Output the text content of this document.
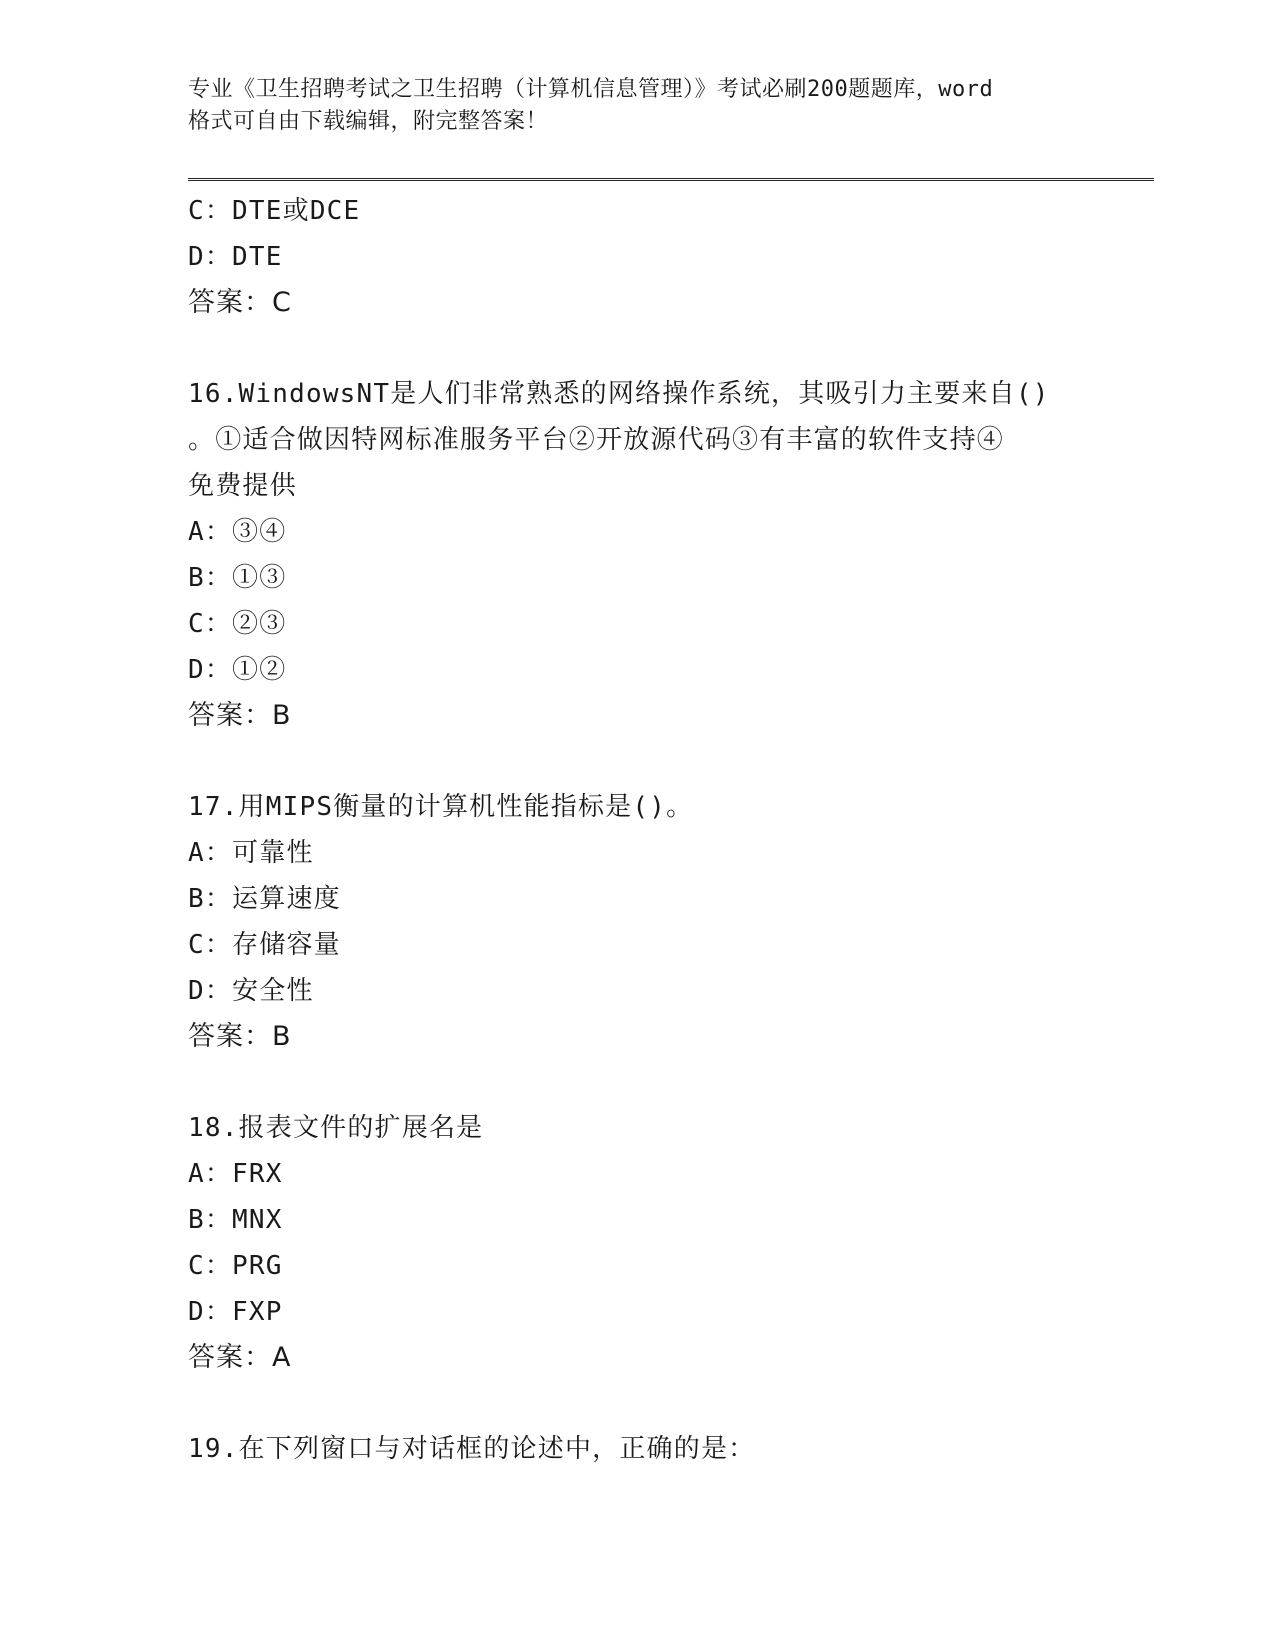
专业《卫生招聘考试之卫生招聘（计算机信息管理）》考试必刷200题题库，word
格式可自由下载编辑，附完整答案！
C：DTE或DCE
D：DTE
答案：C
16.WindowsNT是人们非常熟悉的网络操作系统，其吸引力主要来自()
。①适合做因特网标准服务平台②开放源代码③有丰富的软件支持④
免费提供
A：③④
B：①③
C：②③
D：①②
答案：B
17.用MIPS衡量的计算机性能指标是()。
A：可靠性
B：运算速度
C：存储容量
D：安全性
答案：B
18.报表文件的扩展名是
A：FRX
B：MNX
C：PRG
D：FXP
答案：A
19.在下列窗口与对话框的论述中，正确的是：
